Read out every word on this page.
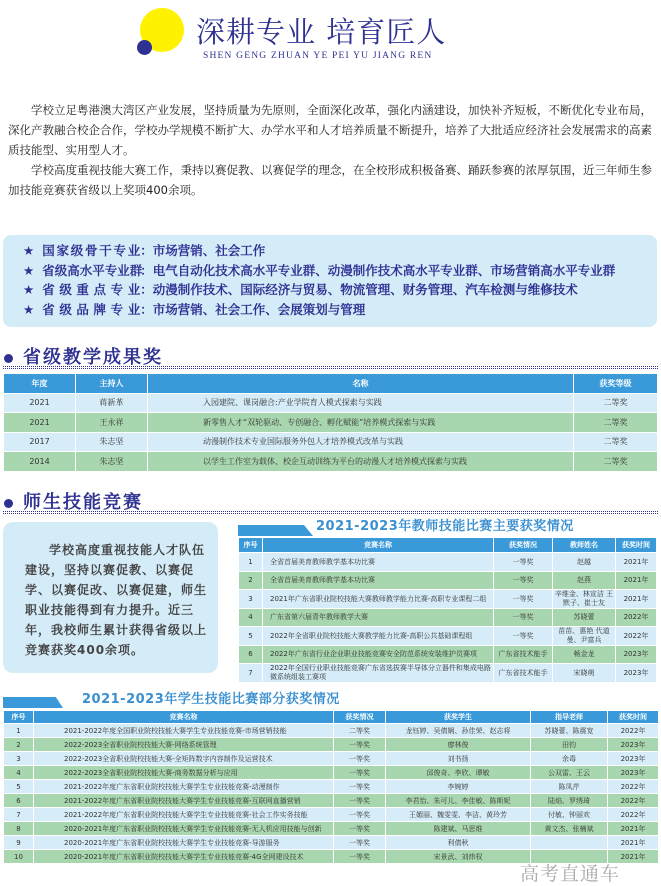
深耕专业 培育匠人
SHEN GENG ZHUAN YE PEI YU JIANG REN

学校立足粤港澳大湾区产业发展，坚持质量为先原则，全面深化改革，强化内涵建设，加快补齐短板，不断优化专业布局，深化产教融合校企合作，学校办学规模不断扩大、办学水平和人才培养质量不断提升，培养了大批适应经济社会发展需求的高素质技能型、实用型人才。

学校高度重视技能大赛工作，秉持以赛促教、以赛促学的理念，在全校形成积极备赛、踊跃参赛的浓厚氛围，近三年师生参加技能竞赛获省级以上奖项400余项。

★ 国家级骨干专业：市场营销、社会工作
★ 省级高水平专业群：电气自动化技术高水平专业群、动漫制作技术高水平专业群、市场营销高水平专业群
★ 省级重点专业：动漫制作技术、国际经济与贸易、物流管理、财务管理、汽车检测与维修技术
★ 省级品牌专业：市场营销、社会工作、会展策划与管理
省级教学成果奖
年度	主持人	名称	获奖等级
2021	蒋新革	入园建院、课岗融合:产业学院育人模式探索与实践	二等奖
2021	王永祥	新零售人才“双轮驱动、专创融合、孵化赋能”培养模式探索与实践	二等奖
2017	朱志坚	动漫制作技术专业国际服务外包人才培养模式改革与实践	二等奖
2014	朱志坚	以学生工作室为载体、校企互动训练为平台的动漫人才培养模式探索与实践	二等奖
师生技能竞赛
学校高度重视技能人才队伍建设，坚持以赛促教、以赛促学、以赛促改、以赛促建，师生职业技能得到有力提升。近三年，我校师生累计获得省级以上竞赛获奖400余项。
2021-2023年教师技能比赛主要获奖情况
序号	竞赛名称	获奖情况	教师姓名	获奖时间
1	全省首届美育教师教学基本功比赛	一等奖	赵越	2021年
2	全省首届美育教师教学基本功比赛	一等奖	赵燕	2021年
3	2021年广东省职业院校技能大赛教师教学能力比赛-高职专业课程二组	一等奖	辛维金、林宣洁 王默子、崔士友	2021年
4	广东省第六届青年教师教学大赛	一等奖	苏晓蕾	2022年
5	2022年全省职业院校技能大赛教学能力比赛-高职公共基础课程组	一等奖	苗苗、惠艳 代道曼、尹富兵	2022年
6	2022年广东省行业企业职业技能竞赛安全防范系统安装维护员赛项	广东省技术能手	畅金龙	2023年
7	2022年全国行业职业技能竞赛广东省选拔赛半导体分立器件和集成电路微系统组装工赛项	广东省技术能手	宋晓萌	2023年
2021-2023年学生技能比赛部分获奖情况
序号	竞赛名称	获奖情况	获奖学生	指导老师	获奖时间
1	2021-2022年度全国职业院校技能大赛学生专业技能竞赛-市场营销技能	二等奖	龙钰婷、吴倩娴、孙佳荣、赵志将	苏晓蕾、陈震宽	2022年
2	2022-2023全省职业院校技能大赛-网络系统管理	一等奖	廖林俊	田钧	2023年
3	2022-2023全省职业院校技能大赛-全矩阵数字内容制作及运营技术	一等奖	刘书扬	余毒	2023年
4	2022-2023全省职业院校技能大赛-商务数据分析与应用	一等奖	邱俊奇、李欣、谭敏	公双雷、王云	2023年
5	2021-2022年度广东省职业院校技能大赛学生专业技能竞赛-动漫制作	一等奖	李婉婷	陈凤芹	2022年
6	2021-2022年度广东省职业院校技能大赛学生专业技能竞赛-互联网直播营销	一等奖	李君怡、朱可儿、李佳敏、陈斯妮	陆焰、罗绣琦	2022年
7	2021-2022年度广东省职业院校技能大赛学生专业技能竞赛-社会工作实务技能	一等奖	王媚丽、魏雯雯、李洁、黄玲芳	付敏、钟丽欢	2022年
8	2020-2021年度广东省职业院校技能大赛学生专业技能竞赛-无人机应用技能与创新	一等奖	陈建斌、马思维	黄文杰、张楠斌	2021年
9	2020-2021年度广东省职业院校技能大赛学生专业技能竞赛-导游服务	一等奖	利倩秋		2021年
10	2020-2021年度广东省职业院校技能大赛学生专业技能竞赛-4G全网建设技术	一等奖	宋景武、刘炜权		2021年
高考直通车
